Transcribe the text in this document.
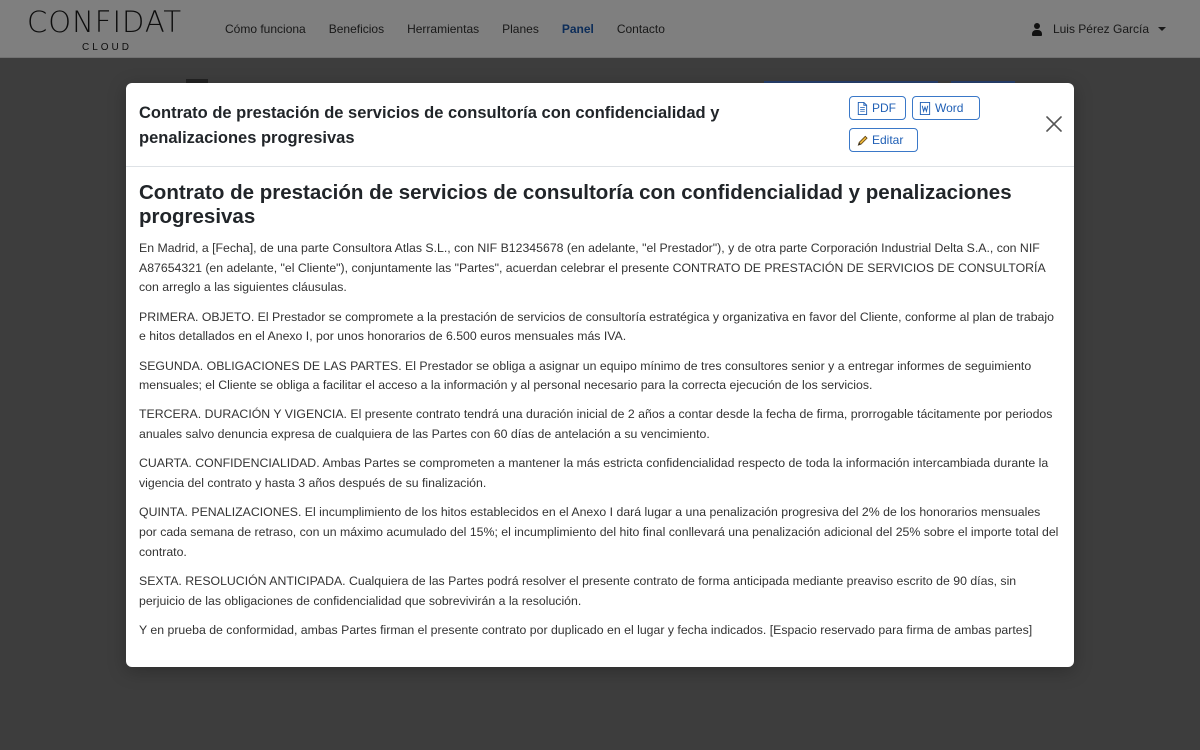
Contrato de prestación de servicios de consultoría con confidencialidad y penalizaciones progresivas
PDF	Word
Editar
Contrato de prestación de servicios de consultoría con confidencialidad y penalizaciones progresivas

En Madrid, a [Fecha], de una parte Consultora Atlas S.L., con NIF B12345678 (en adelante, "el Prestador"), y de otra parte Corporación Industrial Delta S.A., con NIF A87654321 (en adelante, "el Cliente"), conjuntamente las "Partes", acuerdan celebrar el presente CONTRATO DE PRESTACIÓN DE SERVICIOS DE CONSULTORÍA con arreglo a las siguientes cláusulas.

PRIMERA. OBJETO. El Prestador se compromete a la prestación de servicios de consultoría estratégica y organizativa en favor del Cliente, conforme al plan de trabajo e hitos detallados en el Anexo I, por unos honorarios de 6.500 euros mensuales más IVA.

SEGUNDA. OBLIGACIONES DE LAS PARTES. El Prestador se obliga a asignar un equipo mínimo de tres consultores senior y a entregar informes de seguimiento mensuales; el Cliente se obliga a facilitar el acceso a la información y al personal necesario para la correcta ejecución de los servicios.

TERCERA. DURACIÓN Y VIGENCIA. El presente contrato tendrá una duración inicial de 2 años a contar desde la fecha de firma, prorrogable tácitamente por periodos anuales salvo denuncia expresa de cualquiera de las Partes con 60 días de antelación a su vencimiento.

CUARTA. CONFIDENCIALIDAD. Ambas Partes se comprometen a mantener la más estricta confidencialidad respecto de toda la información intercambiada durante la vigencia del contrato y hasta 3 años después de su finalización.

QUINTA. PENALIZACIONES. El incumplimiento de los hitos establecidos en el Anexo I dará lugar a una penalización progresiva del 2% de los honorarios mensuales por cada semana de retraso, con un máximo acumulado del 15%; el incumplimiento del hito final conllevará una penalización adicional del 25% sobre el importe total del contrato.

SEXTA. RESOLUCIÓN ANTICIPADA. Cualquiera de las Partes podrá resolver el presente contrato de forma anticipada mediante preaviso escrito de 90 días, sin perjuicio de las obligaciones de confidencialidad que sobrevivirán a la resolución.

Y en prueba de conformidad, ambas Partes firman el presente contrato por duplicado en el lugar y fecha indicados. [Espacio reservado para firma de ambas partes]
